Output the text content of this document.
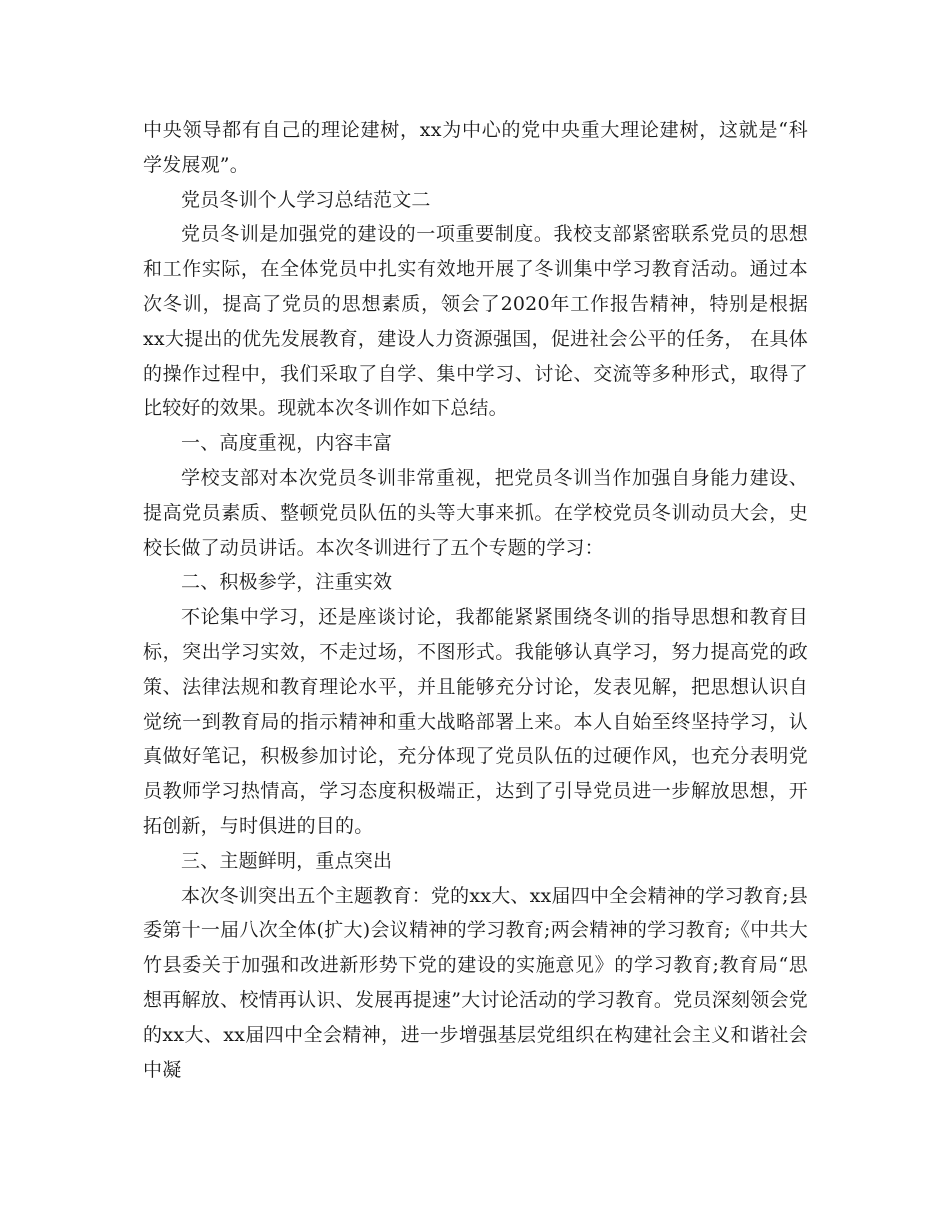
中央领导都有自己的理论建树，xx为中心的党中央重大理论建树，这就是“科学发展观”。

党员冬训个人学习总结范文二

党员冬训是加强党的建设的一项重要制度。我校支部紧密联系党员的思想和工作实际，在全体党员中扎实有效地开展了冬训集中学习教育活动。通过本次冬训，提高了党员的思想素质，领会了2020年工作报告精神，特别是根据xx大提出的优先发展教育，建设人力资源强国，促进社会公平的任务， 在具体的操作过程中，我们采取了自学、集中学习、讨论、交流等多种形式，取得了比较好的效果。现就本次冬训作如下总结。

一、高度重视，内容丰富

学校支部对本次党员冬训非常重视，把党员冬训当作加强自身能力建设、提高党员素质、整顿党员队伍的头等大事来抓。在学校党员冬训动员大会，史校长做了动员讲话。本次冬训进行了五个专题的学习：

二、积极参学，注重实效

不论集中学习，还是座谈讨论，我都能紧紧围绕冬训的指导思想和教育目标，突出学习实效，不走过场，不图形式。我能够认真学习，努力提高党的政策、法律法规和教育理论水平，并且能够充分讨论，发表见解，把思想认识自觉统一到教育局的指示精神和重大战略部署上来。本人自始至终坚持学习，认真做好笔记，积极参加讨论，充分体现了党员队伍的过硬作风，也充分表明党员教师学习热情高，学习态度积极端正，达到了引导党员进一步解放思想，开拓创新，与时俱进的目的。

三、主题鲜明，重点突出

本次冬训突出五个主题教育：党的xx大、xx届四中全会精神的学习教育;县委第十一届八次全体(扩大)会议精神的学习教育;两会精神的学习教育;《中共大竹县委关于加强和改进新形势下党的建设的实施意见》的学习教育;教育局“思想再解放、校情再认识、发展再提速”大讨论活动的学习教育。党员深刻领会党的xx大、xx届四中全会精神，进一步增强基层党组织在构建社会主义和谐社会中凝
